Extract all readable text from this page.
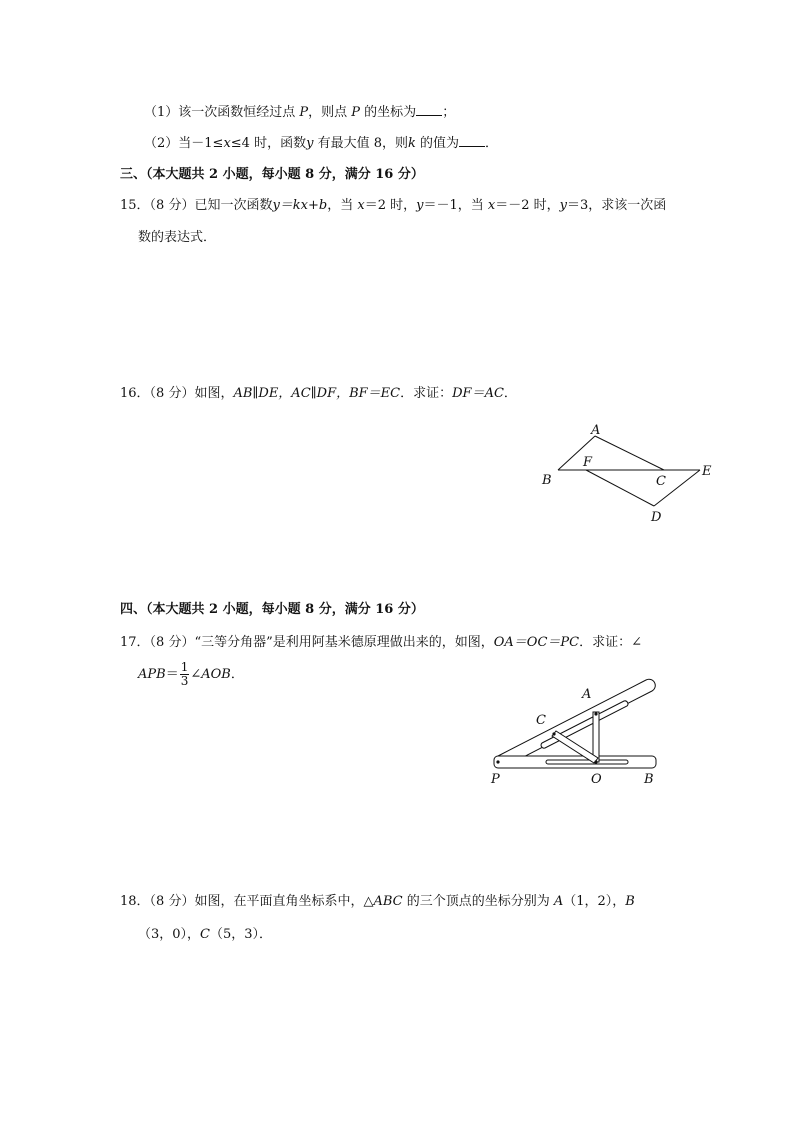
（1）该一次函数恒经过点 P，则点 P 的坐标为 ；
（2）当－1≤x≤4 时，函数y 有最大值 8，则k 的值为 ．
三、（本大题共 2 小题，每小题 8 分，满分 16 分）
15．（8 分）已知一次函数y＝kx+b，当 x＝2 时，y＝－1，当 x＝－2 时，y＝3，求该一次函
数的表达式．
16．（8 分）如图，AB∥DE，AC∥DF，BF＝EC．求证：DF＝AC．
A
B
F
C
E
D
四、（本大题共 2 小题，每小题 8 分，满分 16 分）
17．（8 分）“三等分角器”是利用阿基米德原理做出来的，如图，OA＝OC＝PC．求证：∠
$APB= \frac{1}{3}$ ∠AOB．
A
C
P	O	B
18．（8 分）如图，在平面直角坐标系中，△ABC 的三个顶点的坐标分别为 A（1，2），B
（3，0），C（5，3）．
